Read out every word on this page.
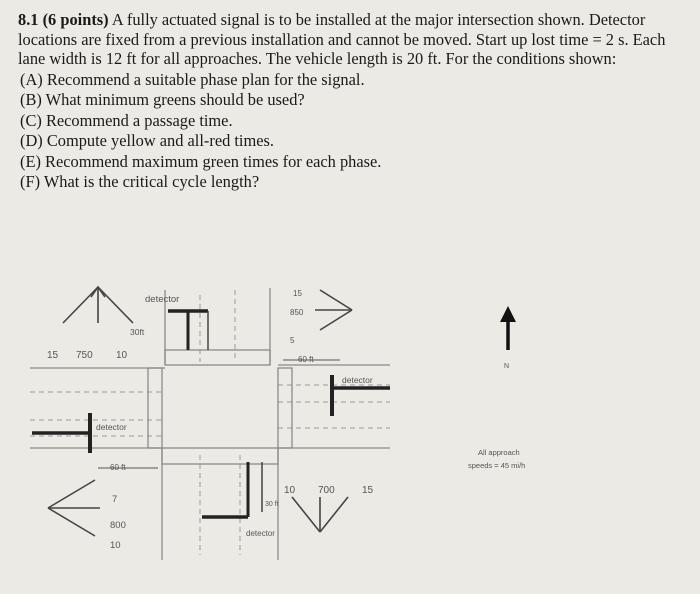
8.1 (6 points) A fully actuated signal is to be installed at the major intersection shown. Detector locations are fixed from a previous installation and cannot be moved. Start up lost time = 2 s. Each lane width is 12 ft for all approaches. The vehicle length is 20 ft. For the conditions shown:

(A) Recommend a suitable phase plan for the signal.

(B) What minimum greens should be used?

(C) Recommend a passage time.

(D) Compute yellow and all-red times.

(E) Recommend maximum green times for each phase.

(F) What is the critical cycle length?

detector
30ft
15 750 10
15
850
5
60 ft
detector
detector
60 ft
7
800
10
detector
30 ft
10 700	15
N
All approach
speeds = 45 mi/h
